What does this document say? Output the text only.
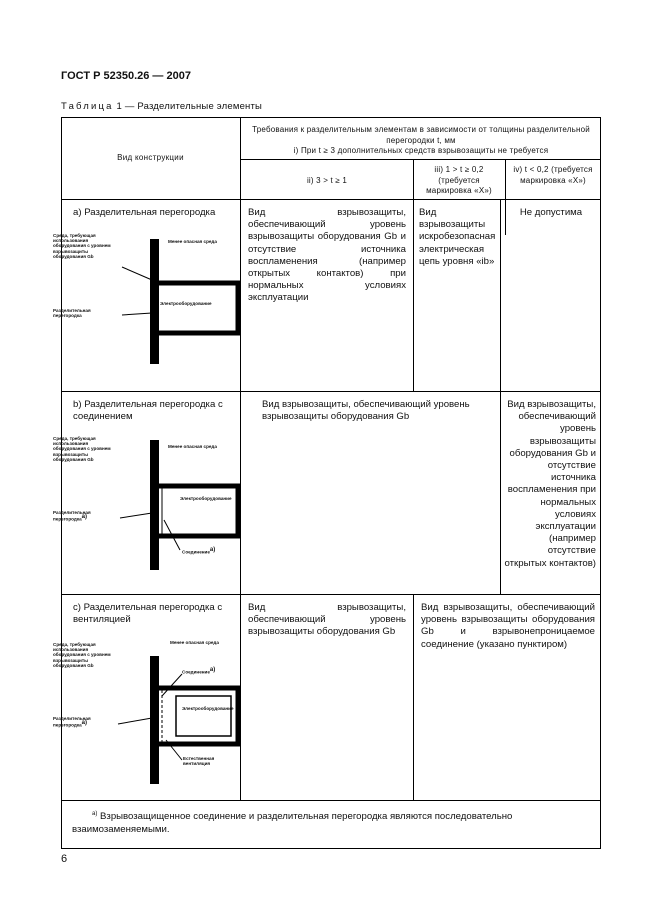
ГОСТ Р 52350.26 — 2007
Таблица 1 — Разделительные элементы
Вид конструкции
Требования к разделительным элементам в зависимости от толщины разделительной перегородки t, мм
i) При t ≥ 3 дополнительных средств взрывозащиты не требуется
ii) 3 > t ≥ 1
iii) 1 > t ≥ 0,2 (требуется маркировка «X»)
iv) t < 0,2 (требуется маркировка «X»)
a) Разделительная перегородка	Вид взрывозащиты, обеспечивающий уровень взрывозащиты оборудования Gb и отсутствие источника воспламенения (например открытых контактов) при нормальных условиях эксплуатации
Вид взрывозащиты искробезопасная электрическая цепь уровня «ib»
Не допустима
Среда, требующая использования оборудования с уровнем взрывозащиты оборудования Gb
Менее опасная среда
Разделительная перегородка
Электрооборудование
b) Разделительная перегородка с соединением
Вид взрывозащиты, обеспечивающий уровень взрывозащиты оборудования Gb
Вид взрывозащиты, обеспечивающий уровень взрывозащиты оборудования Gb и отсутствие источника воспламенения при нормальных условиях эксплуатации (например отсутствие открытых контактов)
Среда, требующая использования оборудования с уровнем взрывозащиты оборудования Gb
Менее опасная среда
Разделительная перегородка$^{a)}$
Электрооборудование
Соединение$^{a)}$
c) Разделительная перегородка с вентиляцией
Вид взрывозащиты, обеспечивающий уровень взрывозащиты оборудования Gb
Вид взрывозащиты, обеспечивающий уровень взрывозащиты оборудования Gb и взрывонепроницаемое соединение (указано пунктиром)
Среда, требующая использования оборудования с уровнем взрывозащиты оборудования Gb
Менее опасная среда
Соединение$^{a)}$
Разделительная перегородка$^{a)}$
Электрооборудование
Естественная вентиляция
$^{a)}$ Взрывозащищенное соединение и разделительная перегородка являются последовательно взаимозаменяемыми.
6
